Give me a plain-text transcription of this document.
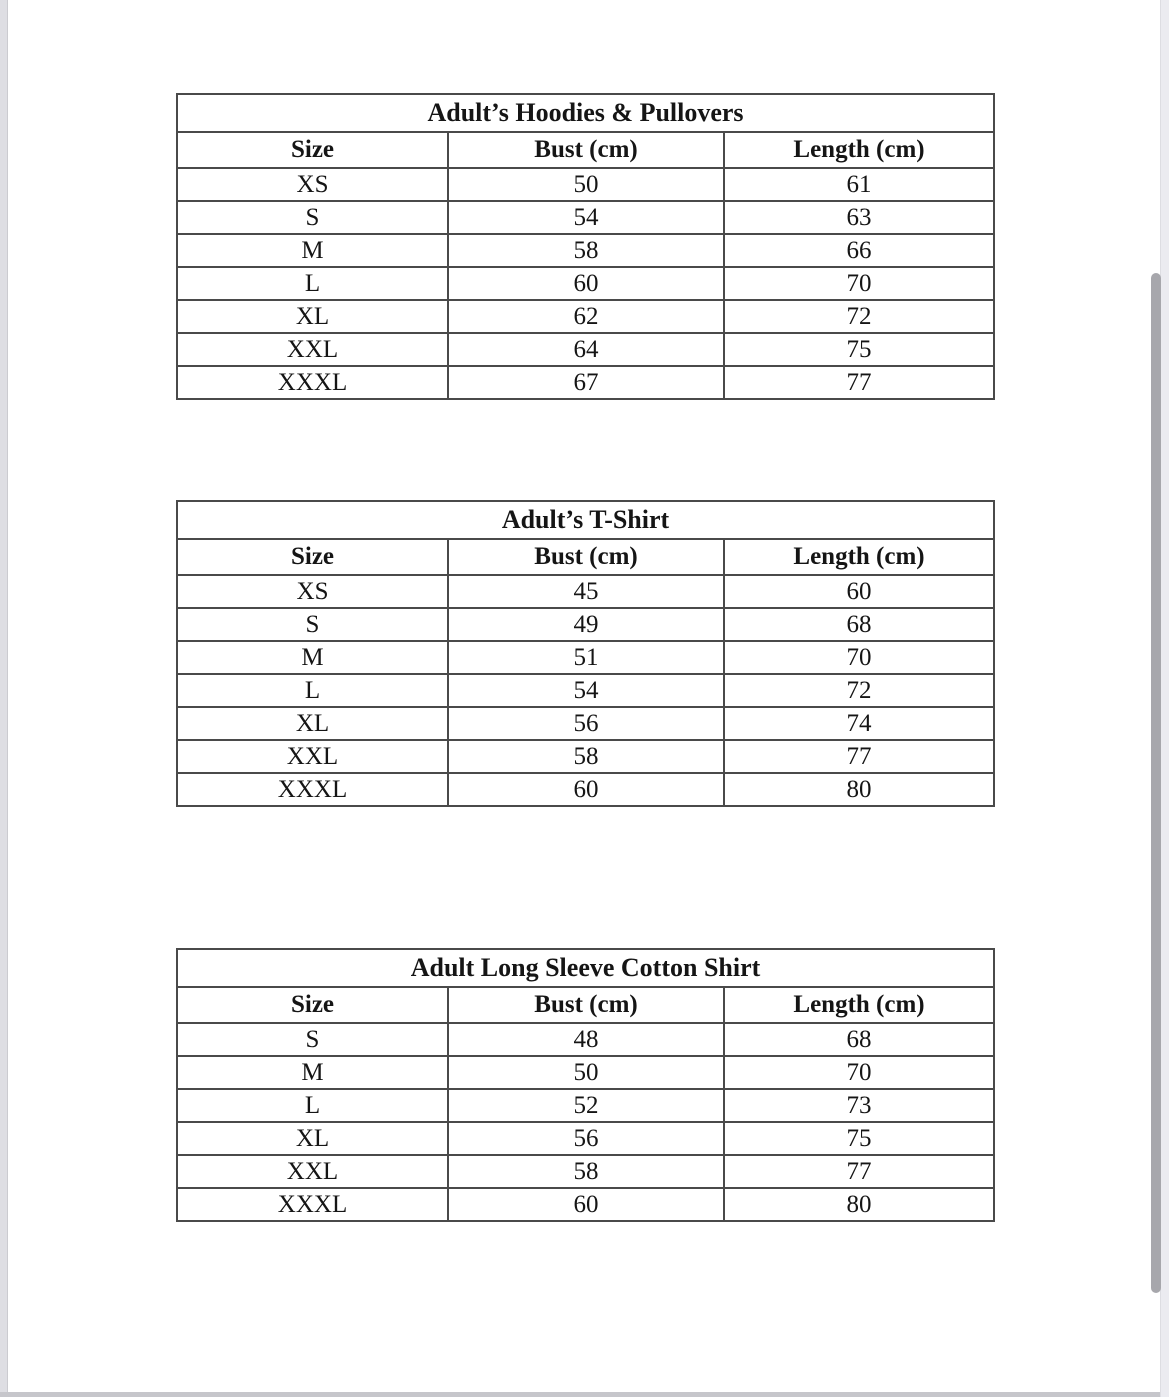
Adult’s Hoodies & Pullovers		
Size	Bust (cm)	Length (cm)
XS	50	61
S	54	63
M	58	66
L	60	70
XL	62	72
XXL	64	75
XXXL	67	77
Adult’s T-Shirt		
Size	Bust (cm)	Length (cm)
XS	45	60
S	49	68
M	51	70
L	54	72
XL	56	74
XXL	58	77
XXXL	60	80
Adult Long Sleeve Cotton Shirt		
Size	Bust (cm)	Length (cm)
S	48	68
M	50	70
L	52	73
XL	56	75
XXL	58	77
XXXL	60	80
